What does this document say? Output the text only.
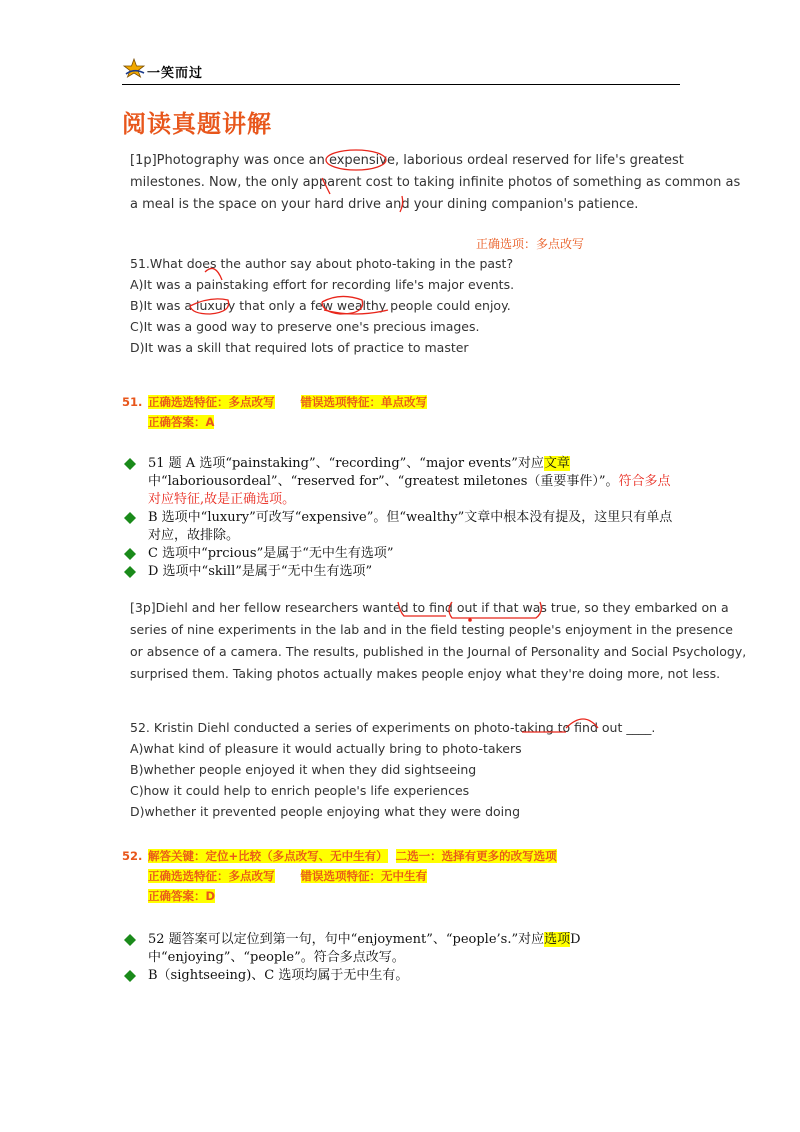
一笑而过
阅读真题讲解
[1p]Photography was once an expensive, laborious ordeal reserved for life's greatest
milestones. Now, the only apparent cost to taking infinite photos of something as common as
a meal is the space on your hard drive and your dining companion's patience.
正确选项：多点改写
51.What does the author say about photo-taking in the past?
A)It was a painstaking effort for recording life's major events.
B)It was a luxury that only a few wealthy people could enjoy.
C)It was a good way to preserve one's precious images.
D)It was a skill that required lots of practice to master
51. 正确选选特征：多点改写 错误选项特征：单点改写
正确答案：A
51 题 A 选项“painstaking”、“recording”、“major events”对应文章中“laboriousordeal”、“reserved for”、“greatest miletones（重要事件）”。符合多点对应特征,故是正确选项。
B 选项中“luxury”可改写“expensive”。但“wealthy”文章中根本没有提及，这里只有单点对应，故排除。
C 选项中“prcious”是属于“无中生有选项”
D 选项中“skill”是属于“无中生有选项”
[3p]Diehl and her fellow researchers wanted to find out if that was true, so they embarked on a
series of nine experiments in the lab and in the field testing people's enjoyment in the presence
or absence of a camera. The results, published in the Journal of Personality and Social Psychology,
surprised them. Taking photos actually makes people enjoy what they're doing more, not less.
52. Kristin Diehl conducted a series of experiments on photo-taking to find out ____.
A)what kind of pleasure it would actually bring to photo-takers
B)whether people enjoyed it when they did sightseeing
C)how it could help to enrich people's life experiences
D)whether it prevented people enjoying what they were doing
52. 解答关键：定位+比较（多点改写、无中生有） 二选一：选择有更多的改写选项
正确选选特征：多点改写 错误选项特征：无中生有
正确答案：D
52 题答案可以定位到第一句，句中“enjoyment”、“people’s.”对应选项D中“enjoying”、“people”。符合多点改写。
B（sightseeing)、C 选项均属于无中生有。
